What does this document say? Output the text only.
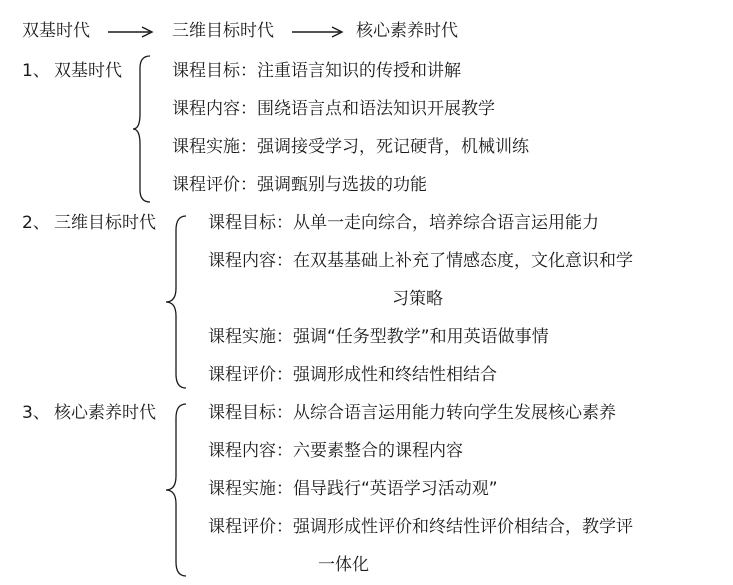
双基时代	三维目标时代	核心素养时代
1、 双基时代	课程目标：注重语言知识的传授和讲解
课程内容：围绕语言点和语法知识开展教学
课程实施：强调接受学习，死记硬背，机械训练
课程评价：强调甄别与选拔的功能
2、 三维目标时代	课程目标：从单一走向综合，培养综合语言运用能力
课程内容：在双基基础上补充了情感态度，文化意识和学
习策略
课程实施：强调“任务型教学”和用英语做事情
课程评价：强调形成性和终结性相结合
3、 核心素养时代	课程目标：从综合语言运用能力转向学生发展核心素养
课程内容：六要素整合的课程内容
课程实施：倡导践行“英语学习活动观”
课程评价：强调形成性评价和终结性评价相结合，教学评
一体化
